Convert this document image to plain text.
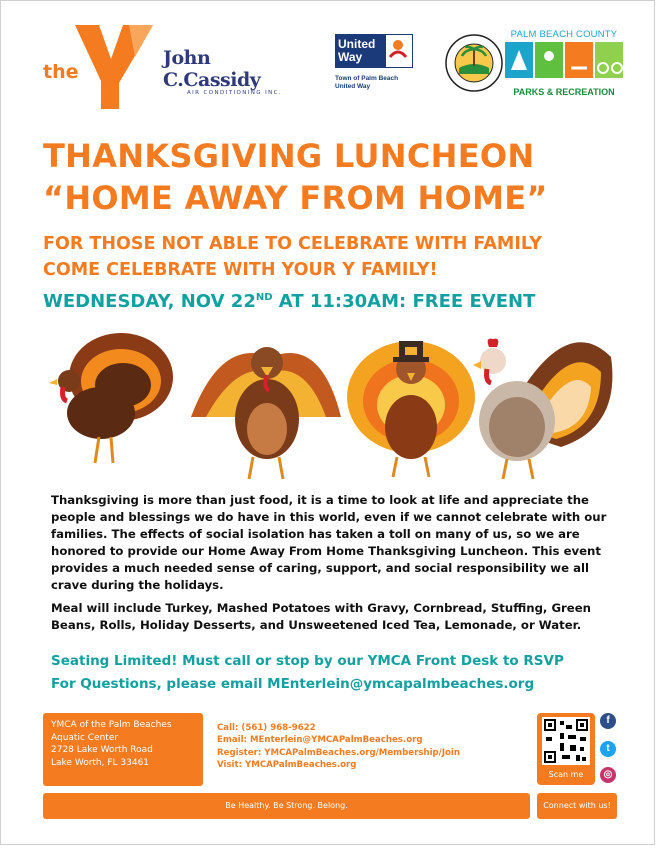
the
YMCA
John C.Cassidy
AIR CONDITIONING INC.
United Way
Town of Palm Beach
United Way
PALM BEACH COUNTY
PARKS & RECREATION
THANKSGIVING LUNCHEON
“HOME AWAY FROM HOME”
FOR THOSE NOT ABLE TO CELEBRATE WITH FAMILY
COME CELEBRATE WITH YOUR Y FAMILY!
WEDNESDAY, NOV 22ND AT 11:30AM: FREE EVENT
Thanksgiving is more than just food, it is a time to look at life and appreciate the people and blessings we do have in this world, even if we cannot celebrate with our families. The effects of social isolation has taken a toll on many of us, so we are honored to provide our Home Away From Home Thanksgiving Luncheon. This event provides a much needed sense of caring, support, and social responsibility we all crave during the holidays.
Meal will include Turkey, Mashed Potatoes with Gravy, Cornbread, Stuffing, Green Beans, Rolls, Holiday Desserts, and Unsweetened Iced Tea, Lemonade, or Water.
Seating Limited! Must call or stop by our YMCA Front Desk to RSVP
For Questions, please email MEnterlein@ymcapalmbeaches.org
YMCA of the Palm Beaches
Aquatic Center
2728 Lake Worth Road
Lake Worth, FL 33461
Call: (561) 968-9622
Email: MEnterlein@YMCAPalmBeaches.org
Register: YMCAPalmBeaches.org/Membership/Join
Visit: YMCAPalmBeaches.org
Scan me
f
t
◎
Be Healthy. Be Strong. Belong.	Connect with us!
